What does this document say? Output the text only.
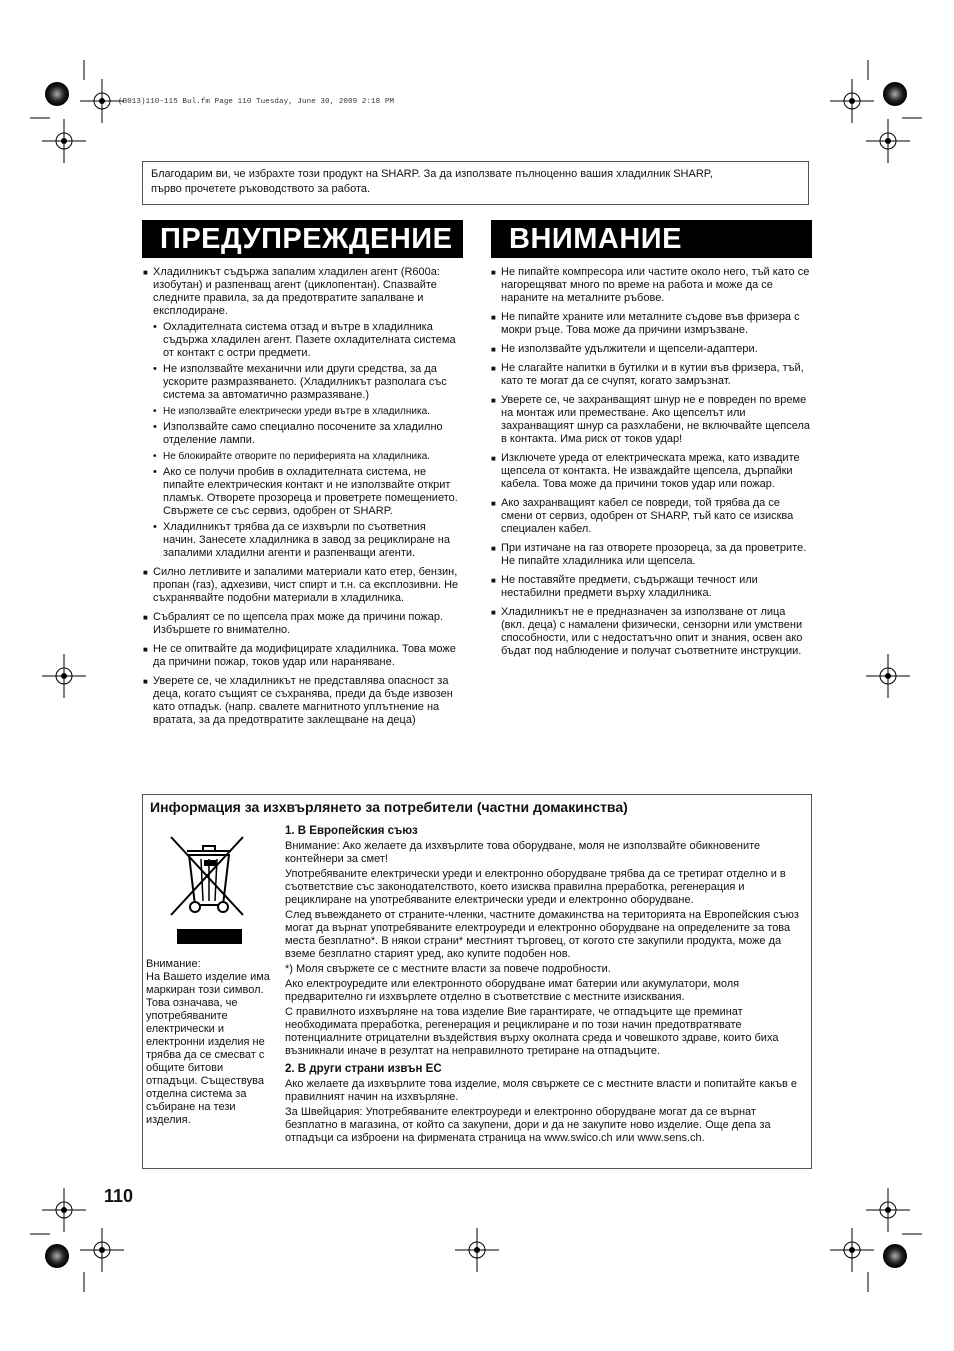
(B013)110-115 Bul.fm Page 110 Tuesday, June 30, 2009 2:18 PM
Благодарим ви, че избрахте този продукт на SHARP. За да използвате пълноценно вашия хладилник SHARP,
първо прочетете ръководството за работа.
ПРЕДУПРЕЖДЕНИЕ	ВНИМАНИЕ
■ Хладилникът съдържа запалим хладилен агент (R600a: изобутан) и разпенващ агент (циклопентан). Спазвайте следните правила, за да предотвратите запалване и експлодиране.
• Охладителната система отзад и вътре в хладилника съдържа хладилен агент. Пазете охладителната система от контакт с остри предмети.
• Не използвайте механични или други средства, за да ускорите размразяването. (Хладилникът разполага със система за автоматично размразяване.)
• Не използвайте електрически уреди вътре в хладилника.
• Използвайте само специално посочените за хладилно отделение лампи.
• Не блокирайте отворите по периферията на хладилника.
• Ако се получи пробив в охладителната система, не пипайте електрическия контакт и не използвайте открит пламък. Отворете прозореца и проветрете помещението. Свържете се със сервиз, одобрен от SHARP.
• Хладилникът трябва да се изхвърли по съответния начин. Занесете хладилника в завод за рециклиране на запалими хладилни агенти и разпенващи агенти.
■ Силно летливите и запалими материали като етер, бензин, пропан (газ), адхезиви, чист спирт и т.н. са експлозивни. Не съхранявайте подобни материали в хладилника.
■ Събралият се по щепсела прах може да причини пожар. Избършете го внимателно.
■ Не се опитвайте да модифицирате хладилника. Това може да причини пожар, токов удар или нараняване.
■ Уверете се, че хладилникът не представлява опасност за деца, когато същият се съхранява, преди да бъде извозен като отпадък. (напр. свалете магнитното уплътнение на вратата, за да предотвратите заклещване на деца)
■ Не пипайте компресора или частите около него, тъй като се нагорещяват много по време на работа и може да се нараните на металните ръбове.
■ Не пипайте храните или металните съдове във фризера с мокри ръце. Това може да причини измръзване.
■ Не използвайте удължители и щепсели-адаптери.
■ Не слагайте напитки в бутилки и в кутии във фризера, тъй, като те могат да се счупят, когато замръзнат.
■ Уверете се, че захранващият шнур не е повреден по време на монтаж или преместване. Ако щепселът или захранващият шнур са разхлабени, не включвайте щепсела в контакта. Има риск от токов удар!
■ Изключете уреда от електрическата мрежа, като извадите щепсела от контакта. Не изваждайте щепсела, дърпайки кабела. Това може да причини токов удар или пожар.
■ Ако захранващият кабел се повреди, той трябва да се смени от сервиз, одобрен от SHARP, тъй като се изисква специален кабел.
■ При изтичане на газ отворете прозореца, за да проветрите. Не пипайте хладилника или щепсела.
■ Не поставяйте предмети, съдържащи течност или нестабилни предмети върху хладилника.
■ Хладилникът не е предназначен за използване от лица (вкл. деца) с намалени физически, сензорни или умствени способности, или с недостатъчно опит и знания, освен ако бъдат под наблюдение и получат съответните инструкции.
Информация за изхвърлянето за потребители (частни домакинства)
Внимание:
На Вашето изделие има маркиран този символ. Това означава, че употребяваните електрически и електронни изделия не трябва да се смесват с общите битови отпадъци. Съществува отделна система за събиране на тези изделия.
1. В Европейския съюз

Внимание: Ако желаете да изхвърлите това оборудване, моля не използвайте обикновените контейнери за смет!

Употребяваните електрически уреди и електронно оборудване трябва да се третират отделно и в съответствие със законодателството, което изисква правилна преработка, регенерация и рециклиране на употребяваните електрически уреди и електронно оборудване.

След въвеждането от страните-членки, частните домакинства на територията на Европейския съюз могат да върнат употребяваните електроуреди и електронно оборудване на определените за това места безплатно*. В някои страни* местният търговец, от когото сте закупили продукта, може да вземе безплатно старият уред, ако купите подобен нов.

*) Моля свържете се с местните власти за повече подробности.

Ако електроуредите или електронното оборудване имат батерии или акумулатори, моля предварително ги изхвърлете отделно в съответствие с местните изисквания.

С правилното изхвърляне на това изделие Вие гарантирате, че отпадъците ще преминат необходимата преработка, регенерация и рециклиране и по този начин предотвратявате потенциалните отрицателни въздействия върху околната среда и човешкото здраве, които биха възникнали иначе в резултат на неправилното третиране на отпадъците.

2. В други страни извън ЕС

Ако желаете да изхвърлите това изделие, моля свържете се с местните власти и попитайте какъв е правилният начин на изхвърляне.

За Швейцария: Употребяваните електроуреди и електронно оборудване могат да се върнат безплатно в магазина, от който са закупени, дори и да не закупите ново изделие. Още депа за отпадъци са изброени на фирмената страница на www.swico.ch или www.sens.ch.

110
